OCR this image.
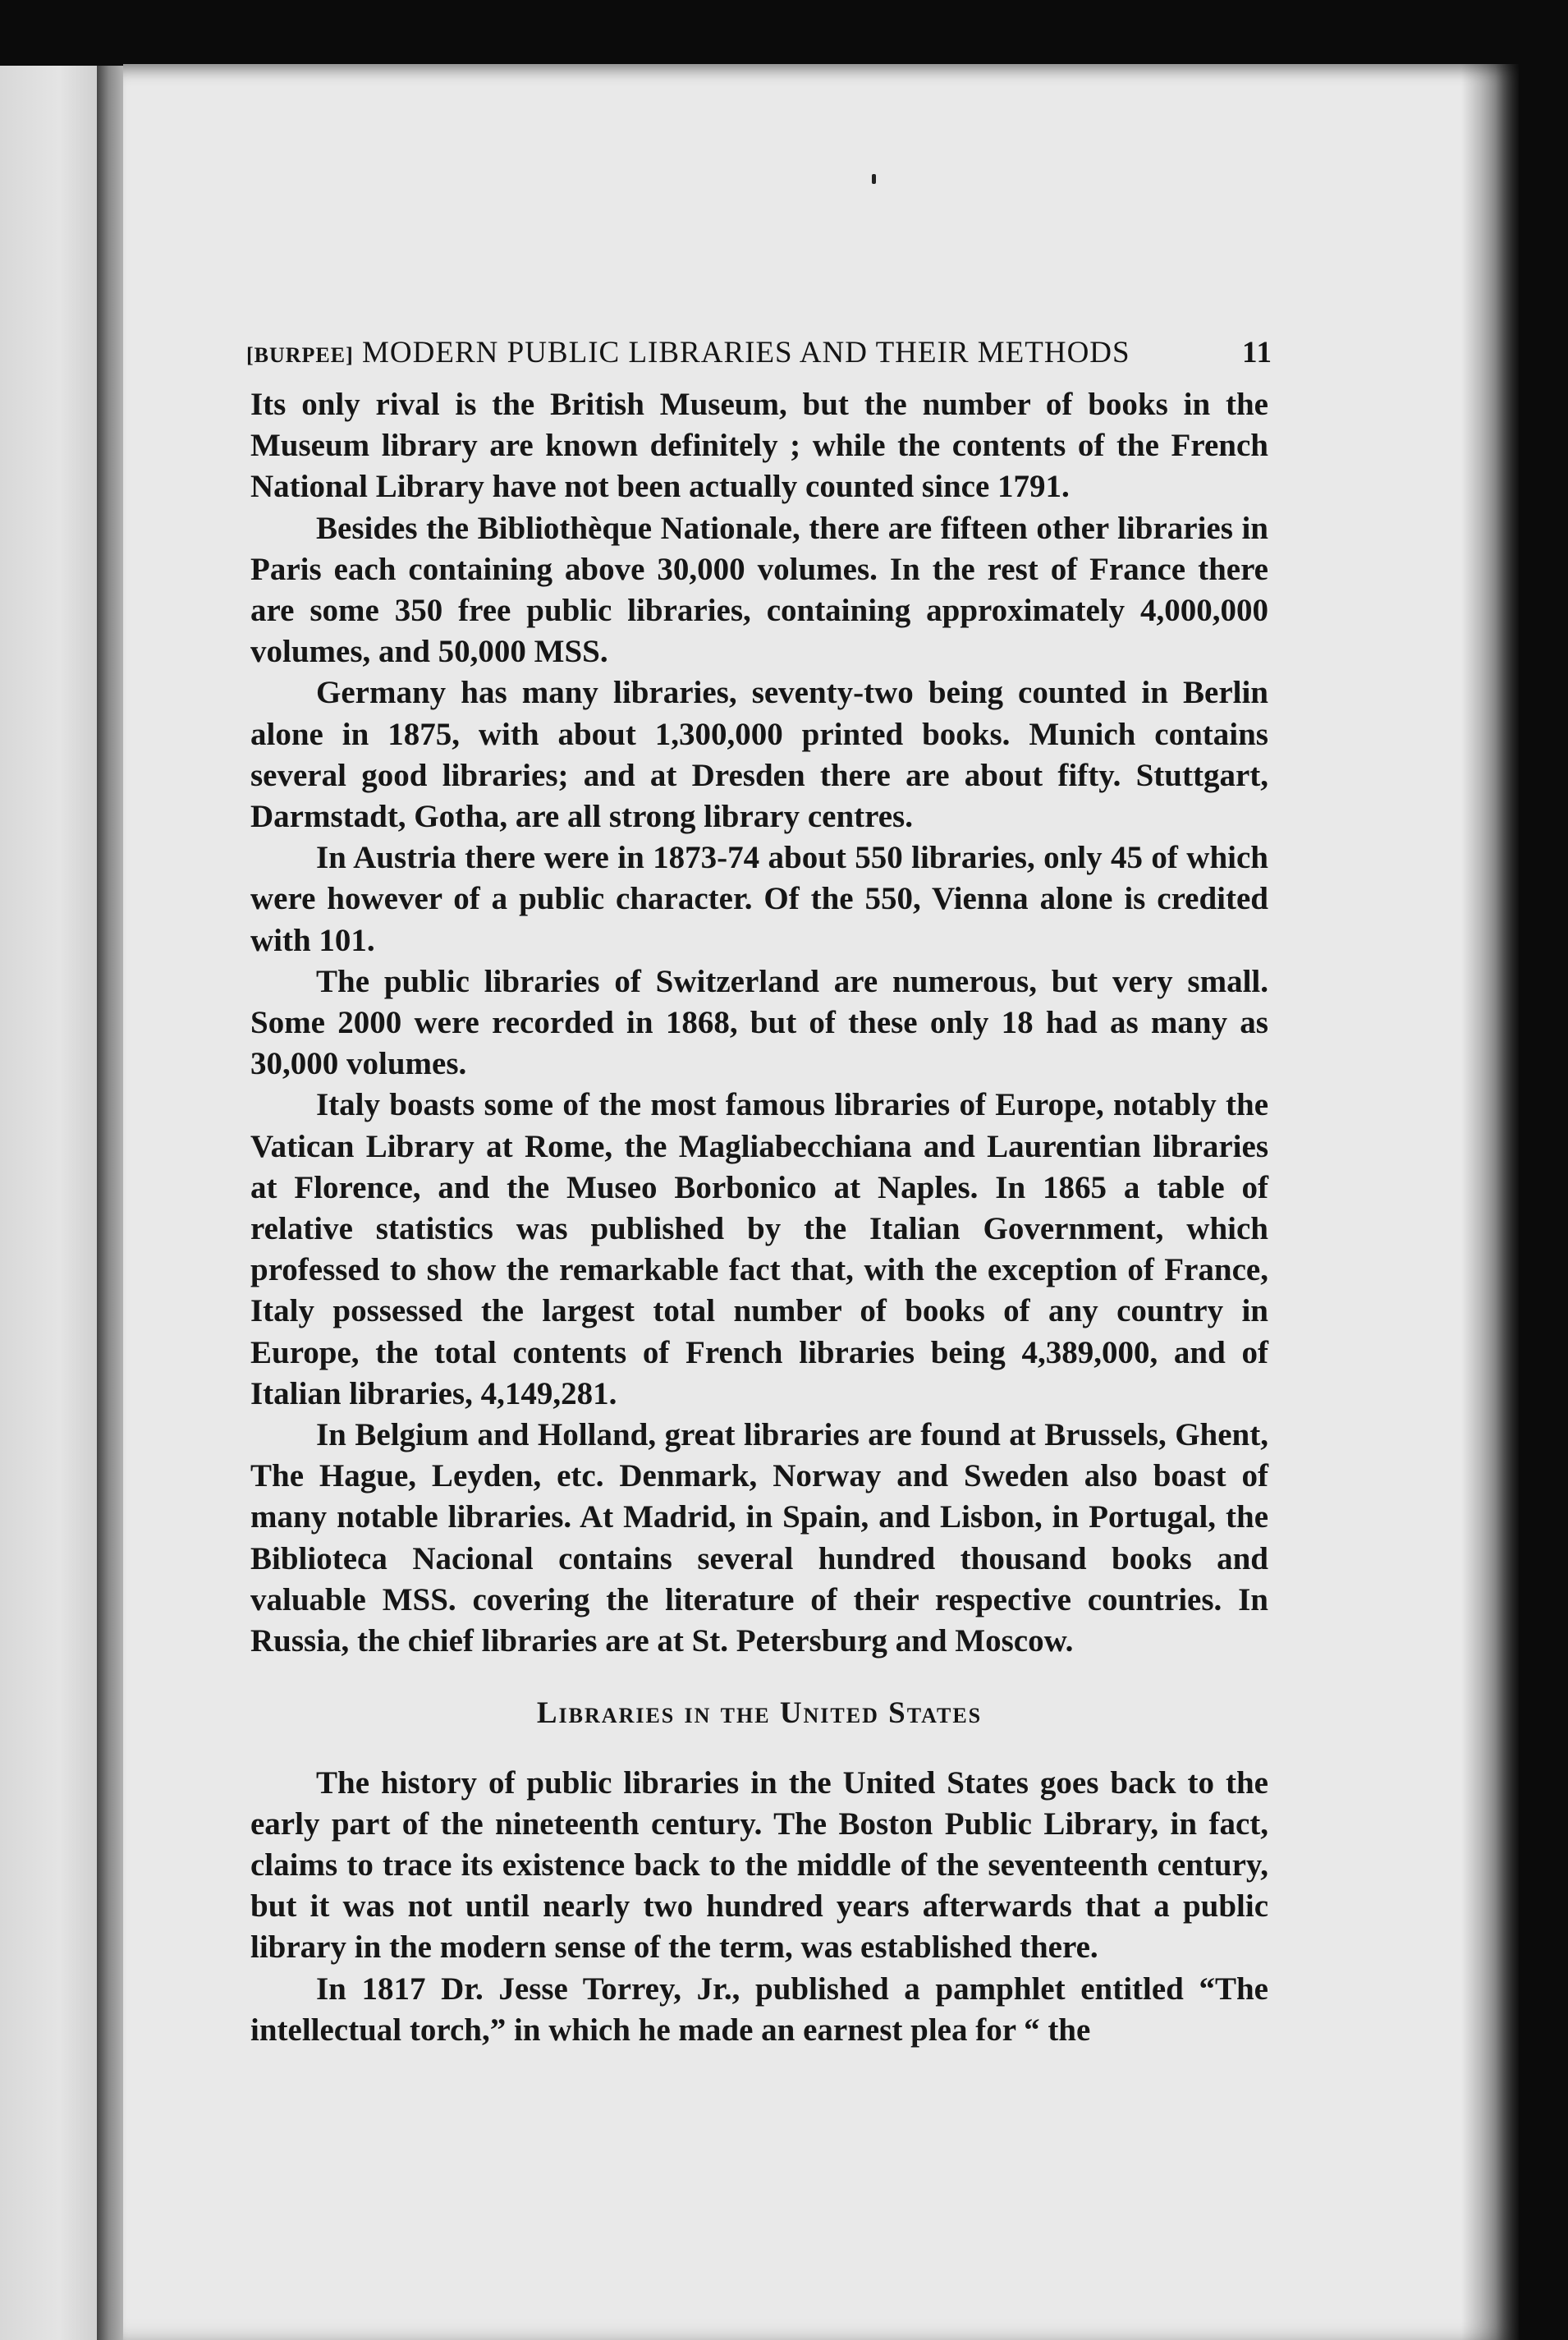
[BURPEE] MODERN PUBLIC LIBRARIES AND THEIR METHODS	11

Its only rival is the British Museum, but the number of books in the Museum library are known definitely ; while the contents of the French National Library have not been actually counted since 1791.

Besides the Bibliothèque Nationale, there are fifteen other libraries in Paris each containing above 30,000 volumes. In the rest of France there are some 350 free public libraries, containing approximately 4,000,000 volumes, and 50,000 MSS.

Germany has many libraries, seventy-two being counted in Berlin alone in 1875, with about 1,300,000 printed books. Munich contains several good libraries; and at Dresden there are about fifty. Stuttgart, Darmstadt, Gotha, are all strong library centres.

In Austria there were in 1873-74 about 550 libraries, only 45 of which were however of a public character. Of the 550, Vienna alone is credited with 101.

The public libraries of Switzerland are numerous, but very small. Some 2000 were recorded in 1868, but of these only 18 had as many as 30,000 volumes.

Italy boasts some of the most famous libraries of Europe, notably the Vatican Library at Rome, the Magliabecchiana and Laurentian libraries at Florence, and the Museo Borbonico at Naples. In 1865 a table of relative statistics was published by the Italian Government, which professed to show the remarkable fact that, with the exception of France, Italy possessed the largest total number of books of any country in Europe, the total contents of French libraries being 4,389,000, and of Italian libraries, 4,149,281.

In Belgium and Holland, great libraries are found at Brussels, Ghent, The Hague, Leyden, etc. Denmark, Norway and Sweden also boast of many notable libraries. At Madrid, in Spain, and Lisbon, in Portugal, the Biblioteca Nacional contains several hundred thousand books and valuable MSS. covering the literature of their respective countries. In Russia, the chief libraries are at St. Petersburg and Moscow.

Libraries in the United States

The history of public libraries in the United States goes back to the early part of the nineteenth century. The Boston Public Library, in fact, claims to trace its existence back to the middle of the seventeenth century, but it was not until nearly two hundred years afterwards that a public library in the modern sense of the term, was established there.

In 1817 Dr. Jesse Torrey, Jr., published a pamphlet entitled “The intellectual torch,” in which he made an earnest plea for “ the
